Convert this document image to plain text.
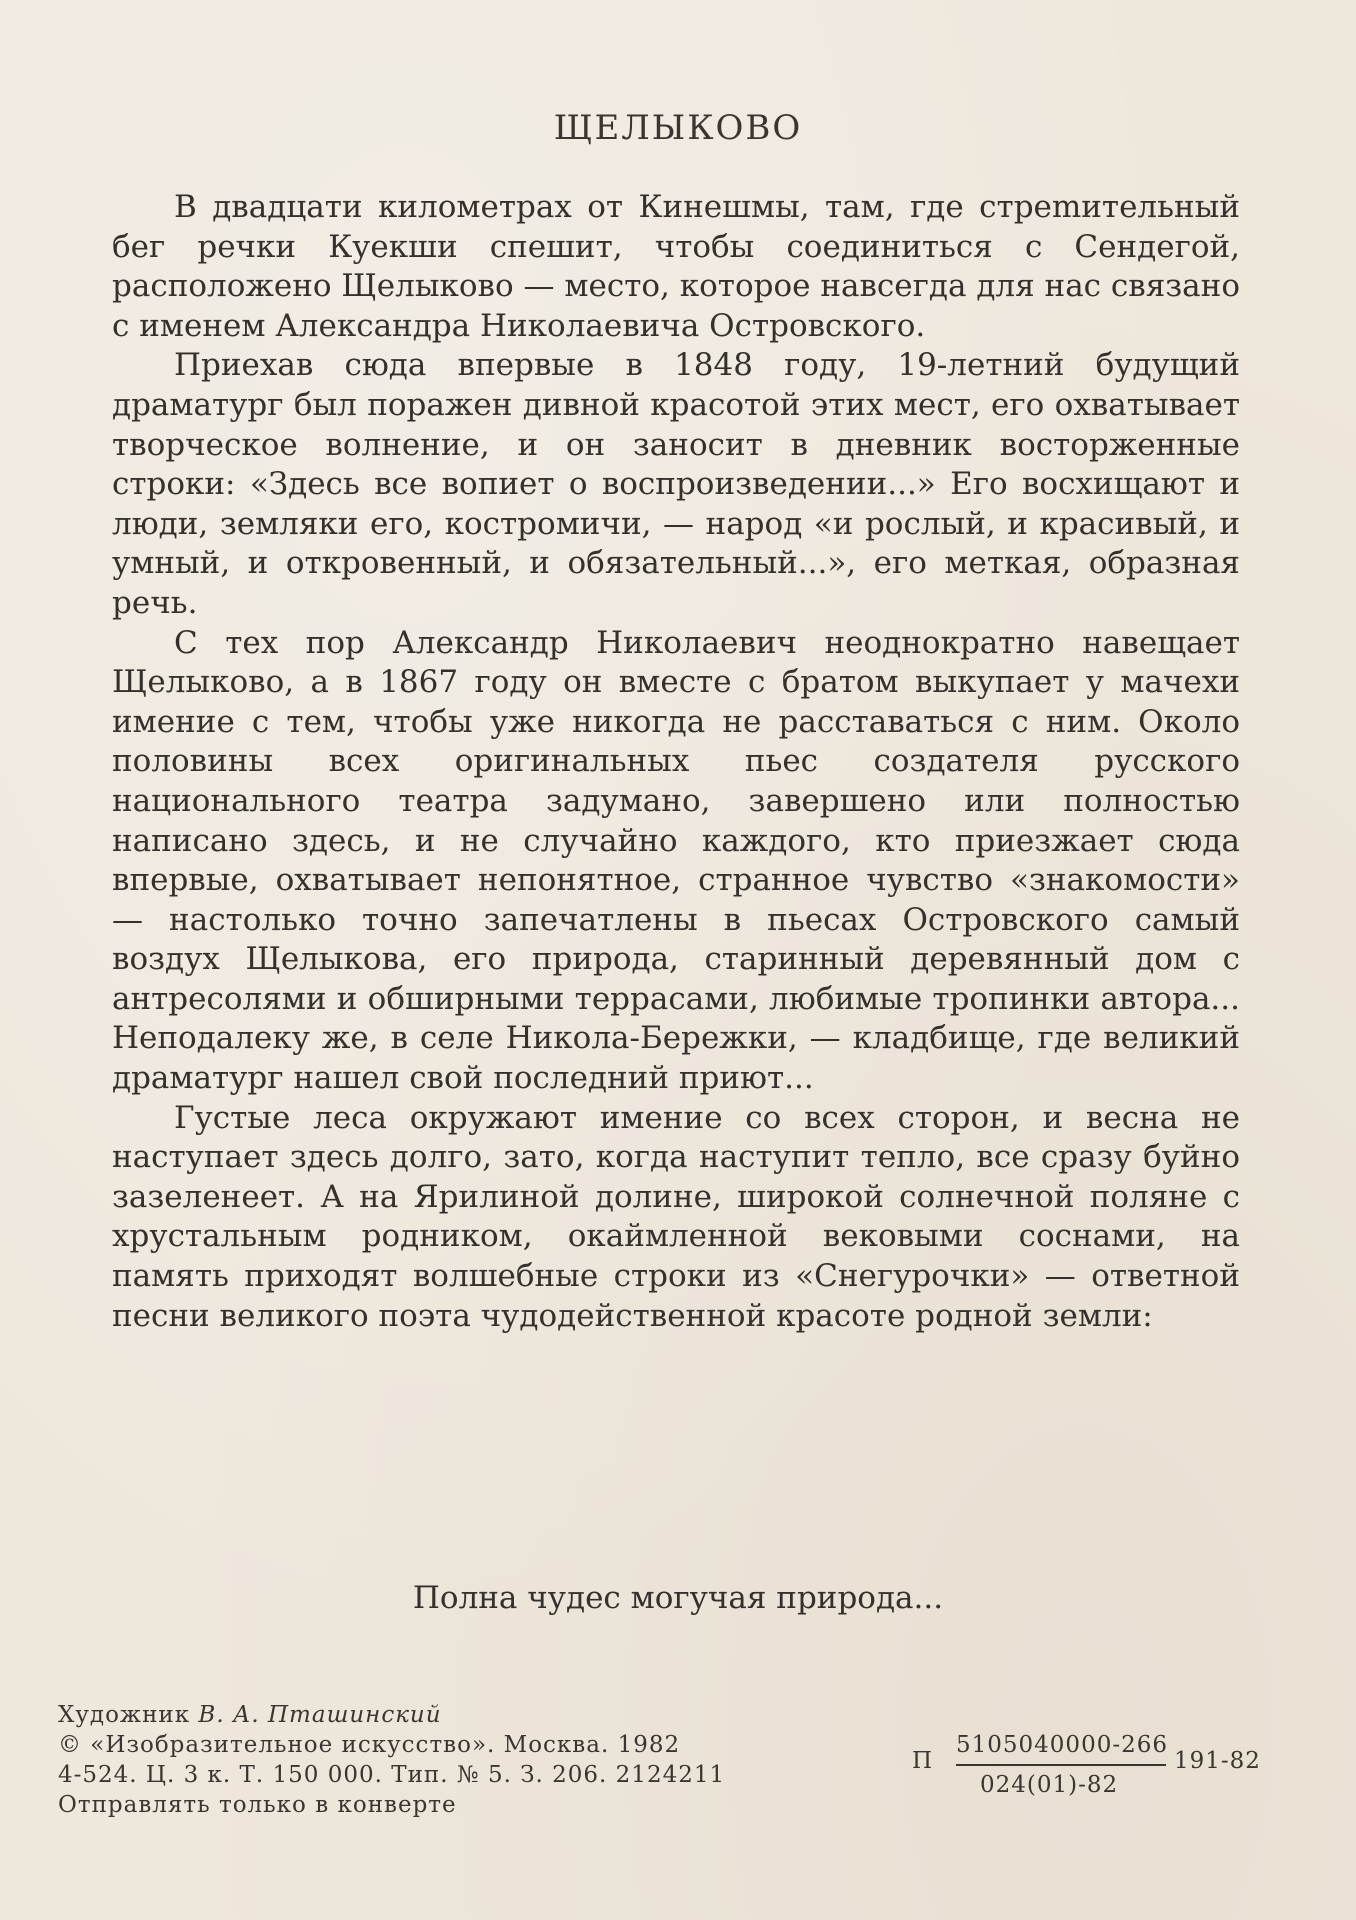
ЩЕЛЫКОВО

В двадцати километрах от Кинешмы, там, где стреmительный бег речки Куекши спешит, чтобы соединиться с Сендегой, расположено Щелыково — место, которое навсегда для нас связано с именем Александра Николаевича Островского.

Приехав сюда впервые в 1848 году, 19-летний будущий драматург был поражен дивной красотой этих мест, его охватывает творческое волнение, и он заносит в дневник восторженные строки: «Здесь все вопиет о воспроизведении...» Его восхищают и люди, земляки его, костромичи, — народ «и рослый, и красивый, и умный, и откровенный, и обязательный...», его меткая, образная речь.

С тех пор Александр Николаевич неоднократно навещает Щелыково, а в 1867 году он вместе с братом выкупает у мачехи имение с тем, чтобы уже никогда не расставаться с ним. Около половины всех оригинальных пьес создателя русского национального театра задумано, завершено или полностью написано здесь, и не случайно каждого, кто приезжает сюда впервые, охватывает непонятное, странное чувство «знакомости» — настолько точно запечатлены в пьесах Островского самый воздух Щелыкова, его природа, старинный деревянный дом с антресолями и обширными террасами, любимые тропинки автора... Неподалеку же, в селе Никола-Бережки, — кладбище, где великий драматург нашел свой последний приют...

Густые леса окружают имение со всех сторон, и весна не наступает здесь долго, зато, когда наступит тепло, все сразу буйно зазеленеет. А на Ярилиной долине, широкой солнечной поляне с хрустальным родником, окаймленной вековыми соснами, на память приходят волшебные строки из «Снегурочки» — ответной песни великого поэта чудодейственной красоте родной земли:

Полна чудес могучая природа...
Художник В. А. Пташинский
© «Изобразительное искусство». Москва. 1982
4-524. Ц. 3 к. Т. 150 000. Тип. № 5. З. 206. 2124211
Отправлять только в конверте
П
5105040000-266
024(01)-82
191-82
